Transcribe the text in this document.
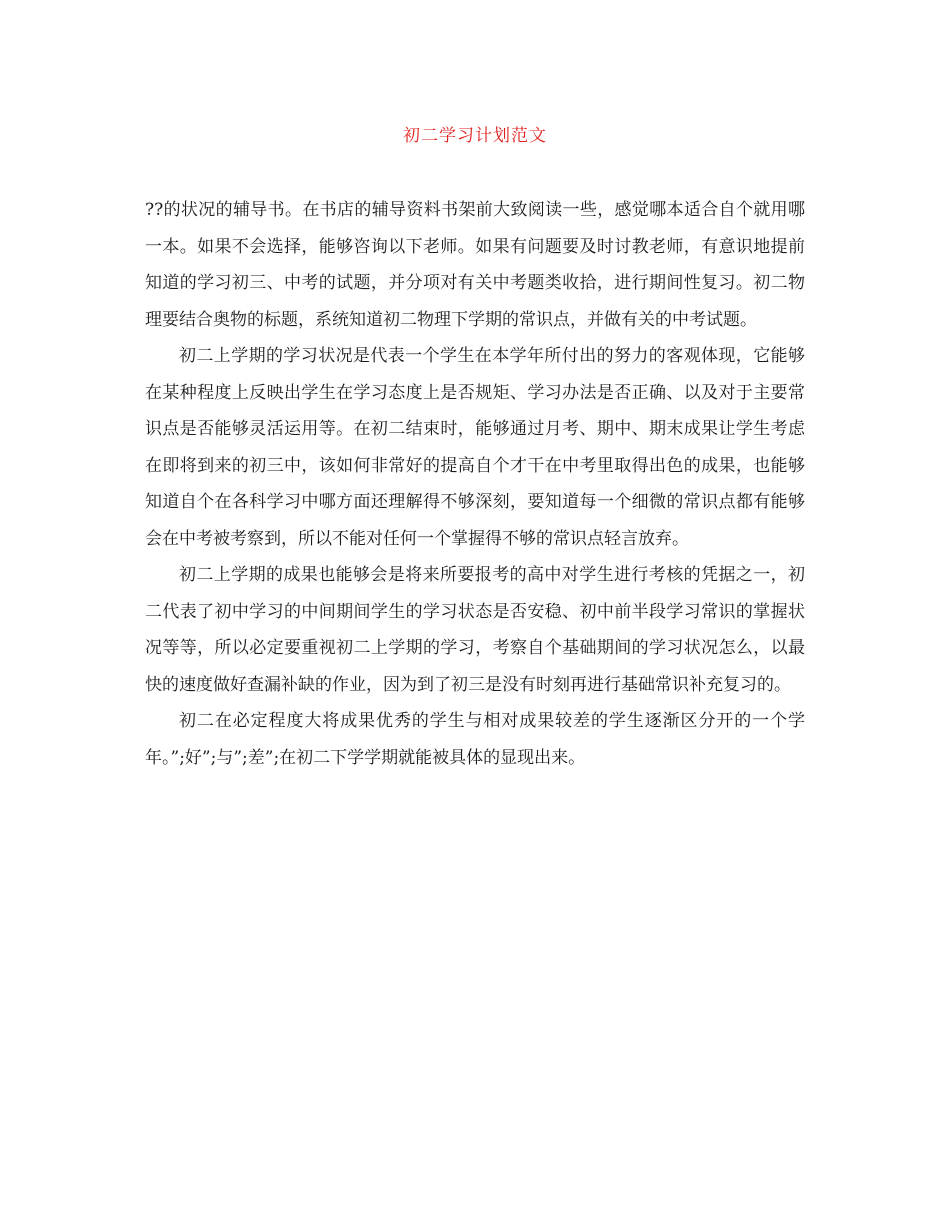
初二学习计划范文

??的状况的辅导书。在书店的辅导资料书架前大致阅读一些，感觉哪本适合自个就用哪一本。如果不会选择，能够咨询以下老师。如果有问题要及时讨教老师，有意识地提前知道的学习初三、中考的试题，并分项对有关中考题类收拾，进行期间性复习。初二物理要结合奥物的标题，系统知道初二物理下学期的常识点，并做有关的中考试题。

初二上学期的学习状况是代表一个学生在本学年所付出的努力的客观体现，它能够在某种程度上反映出学生在学习态度上是否规矩、学习办法是否正确、以及对于主要常识点是否能够灵活运用等。在初二结束时，能够通过月考、期中、期末成果让学生考虑在即将到来的初三中，该如何非常好的提高自个才干在中考里取得出色的成果，也能够知道自个在各科学习中哪方面还理解得不够深刻，要知道每一个细微的常识点都有能够会在中考被考察到，所以不能对任何一个掌握得不够的常识点轻言放弃。

初二上学期的成果也能够会是将来所要报考的高中对学生进行考核的凭据之一，初二代表了初中学习的中间期间学生的学习状态是否安稳、初中前半段学习常识的掌握状况等等，所以必定要重视初二上学期的学习，考察自个基础期间的学习状况怎么，以最快的速度做好查漏补缺的作业，因为到了初三是没有时刻再进行基础常识补充复习的。

初二在必定程度大将成果优秀的学生与相对成果较差的学生逐渐区分开的一个学年。”;好”;与”;差”;在初二下学学期就能被具体的显现出来。
